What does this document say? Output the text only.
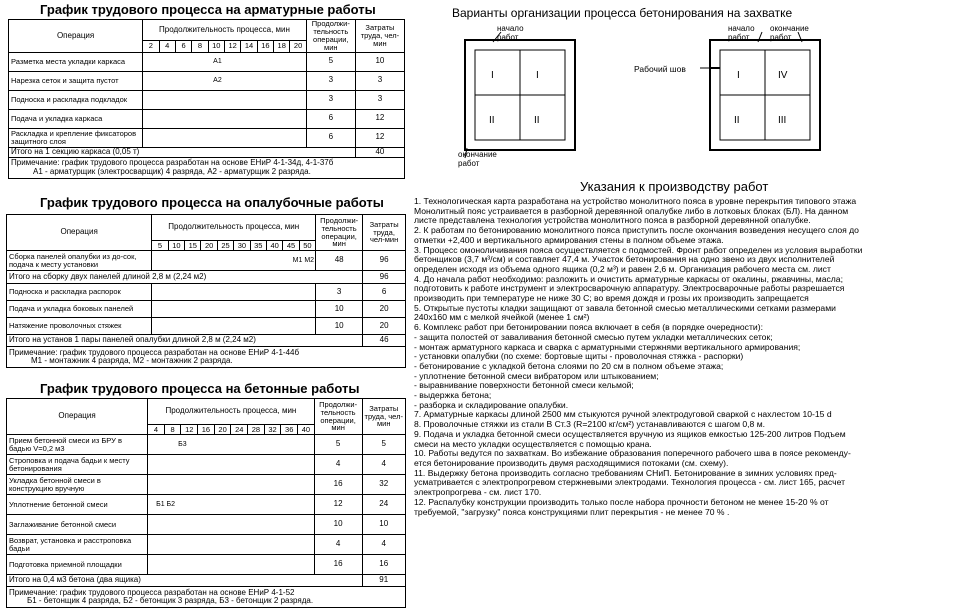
График трудового процесса на арматурные работы
Операция	Продолжительность процесса, мин										Продолжи-тельность операции, мин	Затраты труда, чел-мин
	2	4	6	8	10	12	14	16	18	20		
Разметка места укладки каркаса	А1										5	10
Нарезка сеток и защита пустот	А2										3	3
Подноска и раскладка подкладок											3	3
Подача и укладка каркаса											6	12
Раскладка и крепление фиксаторов защитного слоя											6	12
Итого на 1 секцию каркаса (0,05 т)												40

Примечание: график трудового процесса разработан на основе ЕНиР 4-1-34д, 4-1-37б
А1 - арматурщик (электросварщик) 4 разряда, А2 - арматурщик 2 разряда.												
График трудового процесса на опалубочные работы
Операция	Продолжительность процесса, мин										Продолжи-тельность операции, мин	Затраты труда, чел-мин
	5	10	15	20	25	30	35	40	45	50		
Сборка панелей опалубки из до-сок, подача к месту установки	М1 М2										48	96
Итого на сборку двух панелей длиной 2,8 м (2,24 м2)												96
Подноска и раскладка распорок											3	6
Подача и укладка боковых панелей											10	20
Натяжение проволочных стяжек											10	20
Итого на установ 1 пары панелей опалубки длиной 2,8 м (2,24 м2)												46

Примечание: график трудового процесса разработан на основе ЕНиР 4-1-44б
М1 - монтажник 4 разряда, М2 - монтажник 2 разряда.												
График трудового процесса на бетонные работы
Операция	Продолжительность процесса, мин										Продолжи-тельность операции, мин	Затраты труда, чел-мин
	4	8	12	16	20	24	28	32	36	40		
Прием бетонной смеси из БРУ в бадью V=0,2 м3	Б3										5	5
Строповка и подача бадьи к месту бетонирования											4	4
Укладка бетонной смеси в конструкцию вручную											16	32
Уплотнение бетонной смеси	Б1 Б2										12	24
Заглаживание бетонной смеси											10	10
Возврат, установка и расстроповка бадьи											4	4
Подготовка приемной площадки											16	16
Итого на 0,4 м3 бетона (два ящика)												91

Примечание: график трудового процесса разработан на основе ЕНиР 4-1-52
Б1 - бетонщик 4 разряда, Б2 - бетонщик 3 разряда, Б3 - бетонщик 2 разряда.												
Варианты организации процесса бетонирования на захватке
начало работ
окончание работ
I	I
II	II
начало работ
окончание работ
Рабочий шов
I	IV
II	III
Указания к производству работ
1. Технологическая карта разработана на устройство монолитного пояса в уровне перекрытия типового этажа
Монолитный пояс устраивается в разборной деревянной опалубке либо в лотковых блоках (БЛ). На данном
листе представлена технология устройства монолитного пояса в разборной деревянной опалубке.
2. К работам по бетонированию монолитного пояса приступить после окончания возведения несущего слоя до
отметки +2,400 и вертикального армирования стены в полном объеме этажа.
3. Процесс омоноличивания пояса осуществляется с подмостей. Фронт работ определен из условия выработки
бетонщиков (3,7 м³/см) и составляет 47,4 м. Участок бетонирования на одно звено из двух исполнителей
определен исходя из объема одного ящика (0,2 м³) и равен 2,6 м. Организация рабочего места см. лист
4. До начала работ необходимо: разложить и очистить арматурные каркасы от окалины, ржавчины, масла;
подготовить к работе инструмент и электросварочную аппаратуру. Электросварочные работы разрешается
производить при температуре не ниже 30 С; во время дождя и грозы их производить запрещается
5. Открытые пустоты кладки защищают от завала бетонной смесью металлическими сетками размерами
240х160 мм с мелкой ячейкой (менее 1 см²)
6. Комплекс работ при бетонировании пояса включает в себя (в порядке очередности):
- защита полостей от заваливания бетонной смесью путем укладки металлических сеток;
- монтаж арматурного каркаса и сварка с арматурными стержнями вертикального армирования;
- установки опалубки (по схеме: бортовые щиты - проволочная стяжка - распорки)
- бетонирование с укладкой бетона слоями по 20 см в полном объеме этажа;
- уплотнение бетонной смеси вибратором или штыкованием;
- выравнивание поверхности бетонной смеси кельмой;
- выдержка бетона;
- разборка и складирование опалубки.
7. Арматурные каркасы длиной 2500 мм стыкуются ручной электродуговой сваркой с нахлестом 10-15 d
8. Проволочные стяжки из стали В Ст.3 (R=2100 кг/см²) устанавливаются с шагом 0,8 м.
9. Подача и укладка бетонной смеси осуществляется вручную из ящиков емкостью 125-200 литров Подъем
смеси на место укладки осуществляется с помощью крана.
10. Работы ведутся по захваткам. Во избежание образования поперечного рабочего шва в поясе рекоменду-
ется бетонирование производить двумя расходящимися потоками (см. схему).
11. Выдержку бетона производить согласно требованиям СНиП. Бетонирование в зимних условиях пред-
усматривается с электропрогревом стержневыми электродами. Технология процесса - см. лист 165, расчет
электропрогрева - см. лист 170.
12. Распалубку конструкции производить только после набора прочности бетоном не менее 15-20 % от
требуемой, "загрузку" пояса конструкциями плит перекрытия - не менее 70 % .
